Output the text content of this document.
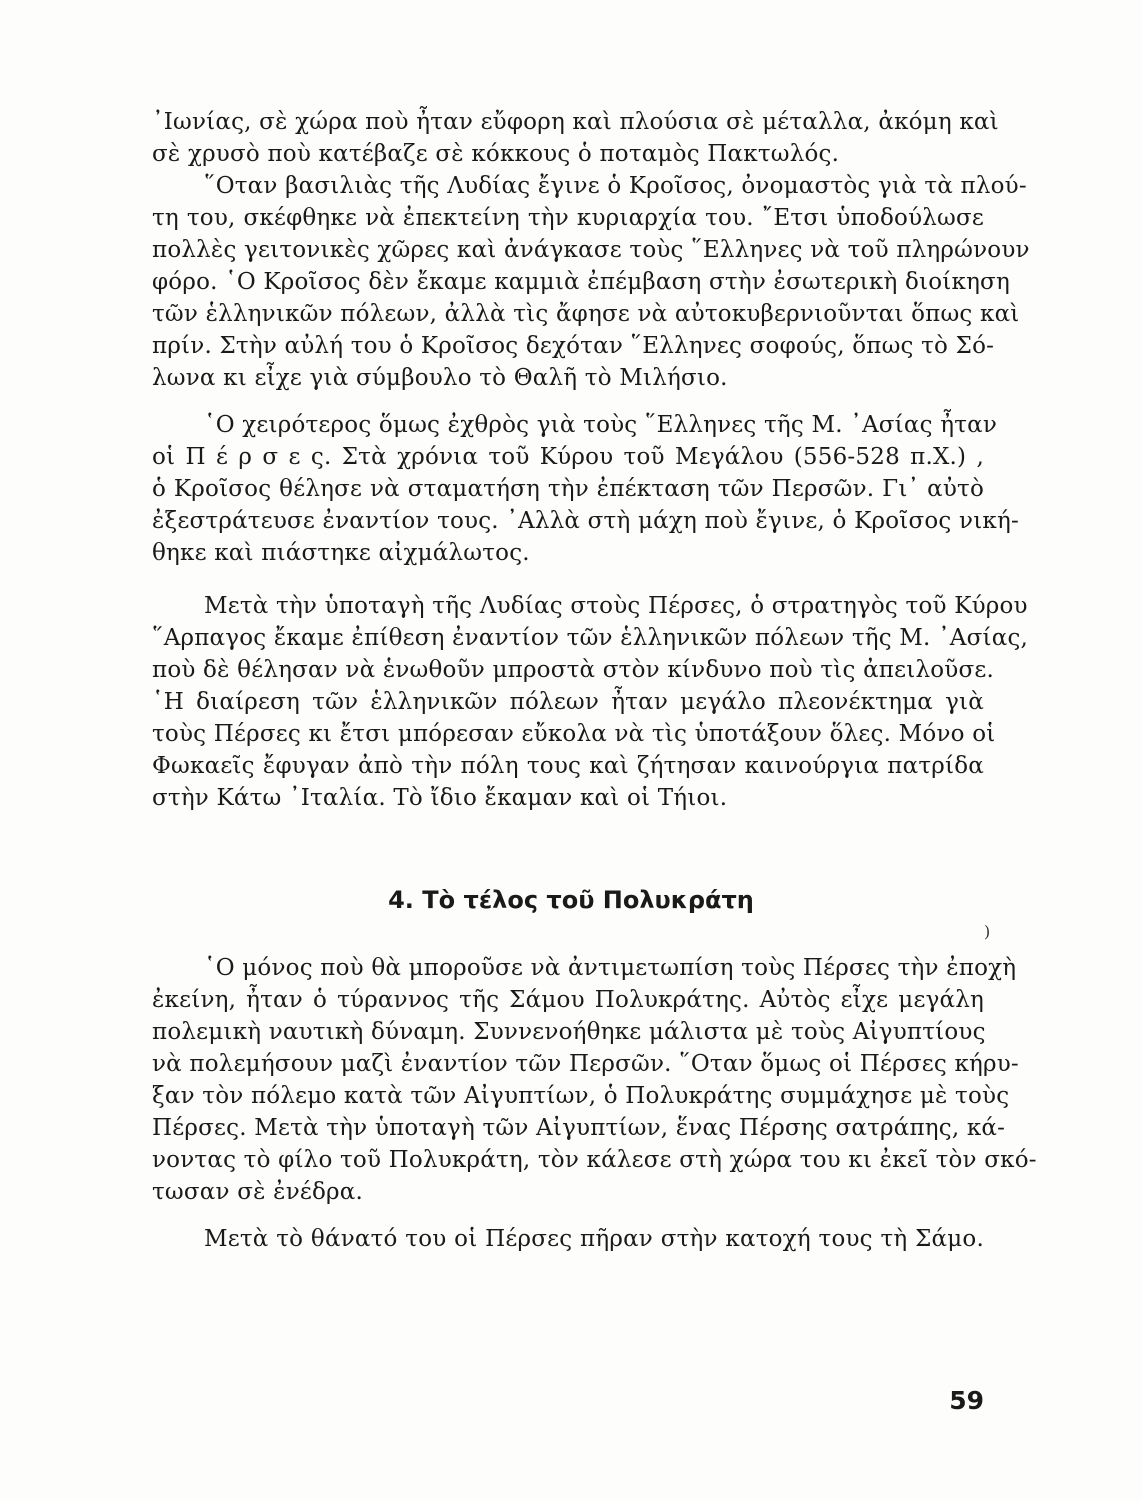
᾿Ιωνίας, σὲ χώρα ποὺ ἦταν εὔφορη καὶ πλούσια σὲ μέταλλα, ἀκόμη καὶ
σὲ χρυσὸ ποὺ κατέβαζε σὲ κόκκους ὁ ποταμὸς Πακτωλός.
῞Οταν βασιλιὰς τῆς Λυδίας ἔγινε ὁ Κροῖσος, ὀνομαστὸς γιὰ τὰ πλού-
τη του, σκέφθηκε νὰ ἐπεκτείνη τὴν κυριαρχία του. ῎Ετσι ὑποδούλωσε
πολλὲς γειτονικὲς χῶρες καὶ ἀνάγκασε τοὺς ῞Ελληνες νὰ τοῦ πληρώνουν
φόρο. ῾Ο Κροῖσος δὲν ἔκαμε καμμιὰ ἐπέμβαση στὴν ἐσωτερικὴ διοίκηση
τῶν ἑλληνικῶν πόλεων, ἀλλὰ τὶς ἄφησε νὰ αὐτοκυβερνιοῦνται ὅπως καὶ
πρίν. Στὴν αὐλή του ὁ Κροῖσος δεχόταν ῞Ελληνες σοφούς, ὅπως τὸ Σό-
λωνα κι εἶχε γιὰ σύμβουλο τὸ Θαλῆ τὸ Μιλήσιο.
῾Ο χειρότερος ὅμως ἐχθρὸς γιὰ τοὺς ῞Ελληνες τῆς Μ. ᾿Ασίας ἦταν
οἱ Π έ ρ σ ε ς. Στὰ χρόνια τοῦ Κύρου τοῦ Μεγάλου (556-528 π.Χ.) ,
ὁ Κροῖσος θέλησε νὰ σταματήση τὴν ἐπέκταση τῶν Περσῶν. Γι᾿ αὐτὸ
ἐξεστράτευσε ἐναντίον τους. ᾿Αλλὰ στὴ μάχη ποὺ ἔγινε, ὁ Κροῖσος νική-
θηκε καὶ πιάστηκε αἰχμάλωτος.
Μετὰ τὴν ὑποταγὴ τῆς Λυδίας στοὺς Πέρσες, ὁ στρατηγὸς τοῦ Κύρου
῞Αρπαγος ἔκαμε ἐπίθεση ἐναντίον τῶν ἑλληνικῶν πόλεων τῆς Μ. ᾿Ασίας,
ποὺ δὲ θέλησαν νὰ ἑνωθοῦν μπροστὰ στὸν κίνδυνο ποὺ τὶς ἀπειλοῦσε.
῾Η διαίρεση τῶν ἑλληνικῶν πόλεων ἦταν μεγάλο πλεονέκτημα γιὰ
τοὺς Πέρσες κι ἔτσι μπόρεσαν εὔκολα νὰ τὶς ὑποτάξουν ὅλες. Μόνο οἱ
Φωκαεῖς ἔφυγαν ἀπὸ τὴν πόλη τους καὶ ζήτησαν καινούργια πατρίδα
στὴν Κάτω ᾿Ιταλία. Τὸ ἴδιο ἔκαμαν καὶ οἱ Τήιοι.
4. Τὸ τέλος τοῦ Πολυκράτη
)
῾Ο μόνος ποὺ θὰ μποροῦσε νὰ ἀντιμετωπίση τοὺς Πέρσες τὴν ἐποχὴ
ἐκείνη, ἦταν ὁ τύραννος τῆς Σάμου Πολυκράτης. Αὐτὸς εἶχε μεγάλη
πολεμικὴ ναυτικὴ δύναμη. Συννενοήθηκε μάλιστα μὲ τοὺς Αἰγυπτίους
νὰ πολεμήσουν μαζὶ ἐναντίον τῶν Περσῶν. ῞Οταν ὅμως οἱ Πέρσες κήρυ-
ξαν τὸν πόλεμο κατὰ τῶν Αἰγυπτίων, ὁ Πολυκράτης συμμάχησε μὲ τοὺς
Πέρσες. Μετὰ τὴν ὑποταγὴ τῶν Αἰγυπτίων, ἕνας Πέρσης σατράπης, κά-
νοντας τὸ φίλο τοῦ Πολυκράτη, τὸν κάλεσε στὴ χώρα του κι ἐκεῖ τὸν σκό-
τωσαν σὲ ἐνέδρα.
Μετὰ τὸ θάνατό του οἱ Πέρσες πῆραν στὴν κατοχή τους τὴ Σάμο.
59
